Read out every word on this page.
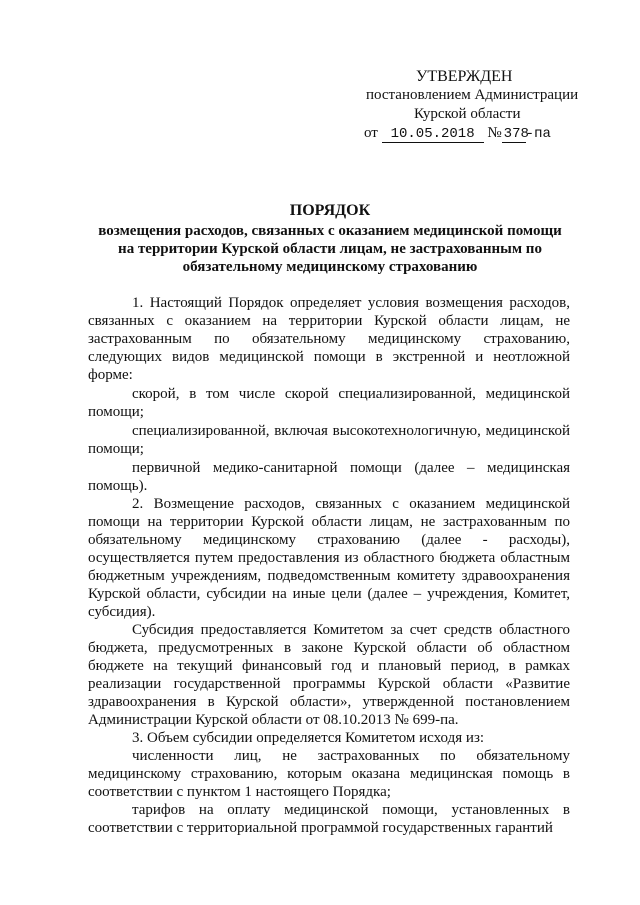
УТВЕРЖДЕН
постановлением Администрации
Курской области
от 10.05.2018 № 378-па
ПОРЯДОК
возмещения расходов, связанных с оказанием медицинской помощи
на территории Курской области лицам, не застрахованным по
обязательному медицинскому страхованию

1. Настоящий Порядок определяет условия возмещения расходов, связанных с оказанием на территории Курской области лицам, не застрахованным по обязательному медицинскому страхованию, следующих видов медицинской помощи в экстренной и неотложной форме:

скорой, в том числе скорой специализированной, медицинской помощи;

специализированной, включая высокотехнологичную, медицинской помощи;

первичной медико-санитарной помощи (далее – медицинская помощь).

2. Возмещение расходов, связанных с оказанием медицинской помощи на территории Курской области лицам, не застрахованным по обязательному медицинскому страхованию (далее - расходы), осуществляется путем предоставления из областного бюджета областным бюджетным учреждениям, подведомственным комитету здравоохранения Курской области, субсидии на иные цели (далее – учреждения, Комитет, субсидия).

Субсидия предоставляется Комитетом за счет средств областного бюджета, предусмотренных в законе Курской области об областном бюджете на текущий финансовый год и плановый период, в рамках реализации государственной программы Курской области «Развитие здравоохранения в Курской области», утвержденной постановлением Администрации Курской области от 08.10.2013 № 699-па.

3. Объем субсидии определяется Комитетом исходя из:

численности лиц, не застрахованных по обязательному медицинскому страхованию, которым оказана медицинская помощь в соответствии с пунктом 1 настоящего Порядка;

тарифов на оплату медицинской помощи, установленных в соответствии с территориальной программой государственных гарантий
